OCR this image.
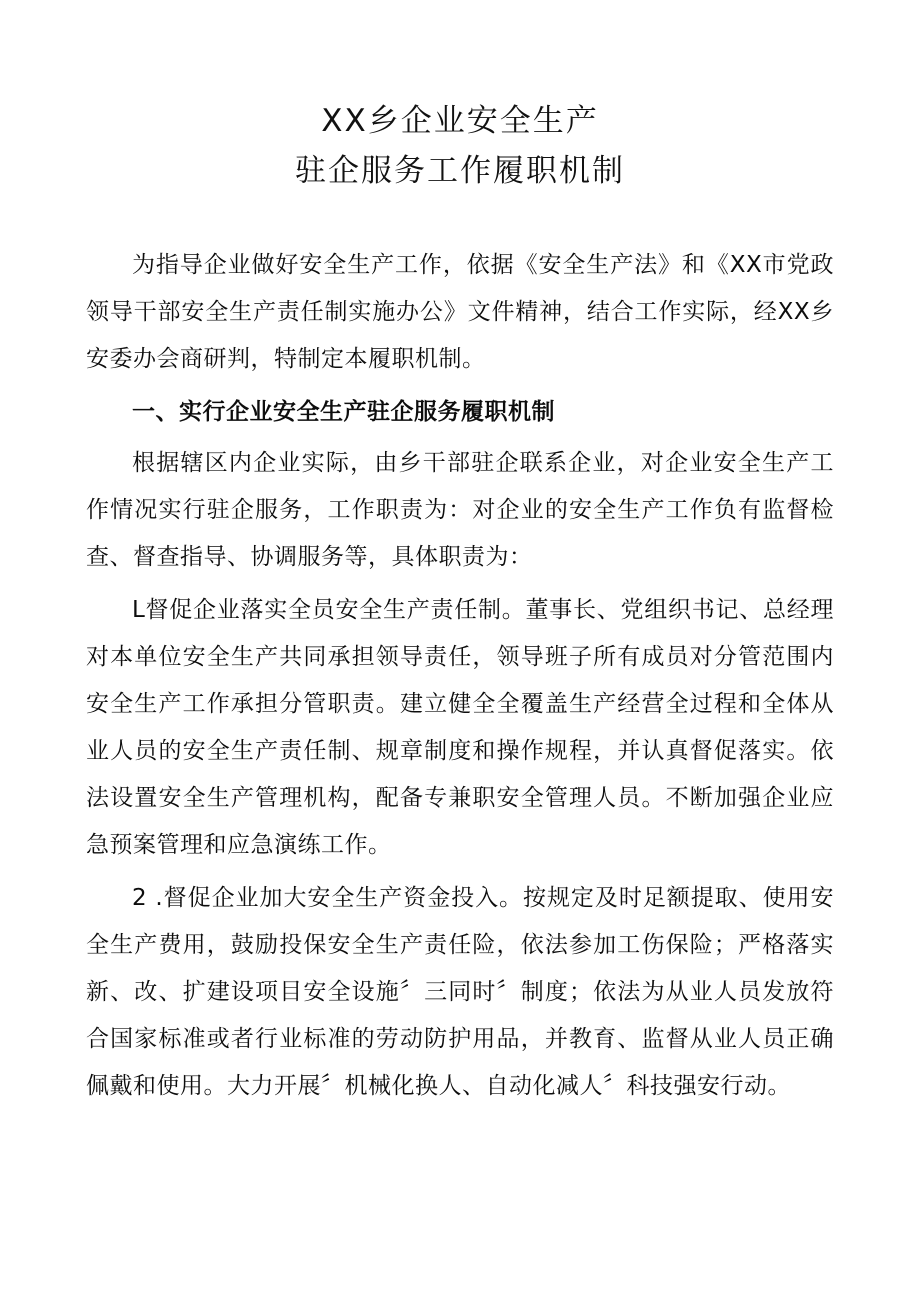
XX乡企业安全生产
驻企服务工作履职机制

为指导企业做好安全生产工作，依据《安全生产法》和《XX市党政领导干部安全生产责任制实施办公》文件精神，结合工作实际，经XX乡安委办会商研判，特制定本履职机制。

一、实行企业安全生产驻企服务履职机制

根据辖区内企业实际，由乡干部驻企联系企业，对企业安全生产工作情况实行驻企服务，工作职责为：对企业的安全生产工作负有监督检查、督查指导、协调服务等，具体职责为：

L督促企业落实全员安全生产责任制。董事长、党组织书记、总经理对本单位安全生产共同承担领导责任，领导班子所有成员对分管范围内安全生产工作承担分管职责。建立健全全覆盖生产经营全过程和全体从业人员的安全生产责任制、规章制度和操作规程，并认真督促落实。依法设置安全生产管理机构，配备专兼职安全管理人员。不断加强企业应急预案管理和应急演练工作。

2 .督促企业加大安全生产资金投入。按规定及时足额提取、使用安全生产费用，鼓励投保安全生产责任险，依法参加工伤保险；严格落实新、改、扩建设项目安全设施〞三同时〞制度；依法为从业人员发放符合国家标准或者行业标准的劳动防护用品，并教育、监督从业人员正确佩戴和使用。大力开展〞机械化换人、自动化减人〞科技强安行动。
